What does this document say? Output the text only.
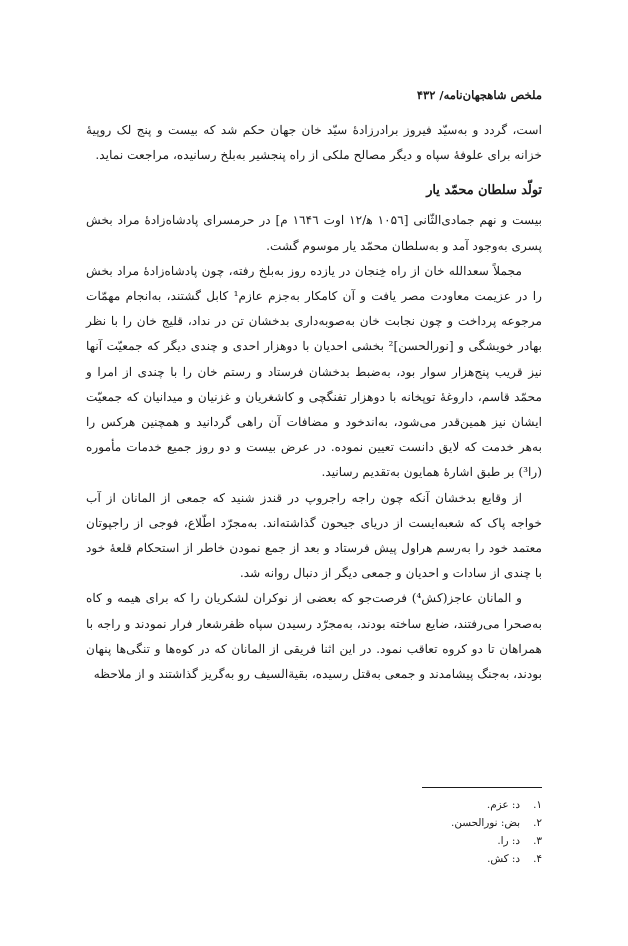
ملخص شاهجهان‌نامه/ ۴۳۲

است، گردد و به‌سیّد فیروز برادرزادهٔ سیّد خان جهان حکم شد که بیست و پنج لک روپیهٔ خزانه برای علوفهٔ سپاه و دیگر مصالح ملکی از راه پنجشیر به‌بلخ رسانیده، مراجعت نماید.

تولّد سلطان محمّد یار

بیست و نهم جمادی‌الثّانی [۱۰۵٦ ه‍/۱۲ اوت ۱٦۴٦ م] در حرمسرای پادشاه‌زادهٔ مراد بخش پسری به‌وجود آمد و به‌سلطان محمّد یار موسوم گشت.

مجملاً سعدالله خان از راه خِنجان در یازده روز به‌بلخ رفته، چون پادشاه‌زادهٔ مراد بخش را در عزیمت معاودت مصر یافت و آن کامکار به‌جزم عازم¹ کابل گشتند، به‌انجام مهمّات مرجوعه پرداخت و چون نجابت خان به‌صوبه‌داری بدخشان تن در نداد، قلیج خان را با نظر بهادر خویشگی و [نورالحسن]² بخشی احدیان با دوهزار احدی و چندی دیگر که جمعیّت آنها نیز قریب پنج‌هزار سوار بود، به‌ضبط بدخشان فرستاد و رستم خان را با چندی از امرا و محمّد قاسم، داروغهٔ توپخانه با دوهزار تفنگچی و کاشغریان و غزنیان و میدانیان که جمعیّت ایشان نیز همین‌قدر می‌شود، به‌اندخود و مضافات آن راهی گردانید و همچنین هرکس را به‌هر خدمت که لایق دانست تعیین نموده. در عرض بیست و دو روز جمیع خدمات مأموره (را³) بر طبق اشارهٔ همایون به‌تقدیم رسانید.

از وقایع بدخشان آنکه چون راجه راجروپ در قندز شنید که جمعی از المانان از آب خواجه پاک که شعبه‌ایست از دریای جیحون گذاشته‌اند. به‌مجرّد اطّلاع، فوجی از راجپوتان معتمد خود را به‌رسم هراول پیش فرستاد و بعد از جمع نمودن خاطر از استحکام قلعهٔ خود با چندی از سادات و احدیان و جمعی دیگر از دنبال روانه شد.

و المانان عاجز(کش⁴) فرصت‌جو که بعضی از نوکران لشکریان را که برای هیمه و کاه به‌صحرا می‌رفتند، ضایع ساخته بودند، به‌مجرّد رسیدن سپاه ظفرشعار فرار نمودند و راجه با همراهان تا دو کروه تعاقب نمود. در این اثنا فریقی از المانان که در کوه‌ها و تنگی‌ها پنهان بودند، به‌جنگ پیشامدند و جمعی به‌قتل رسیده، بقیةالسیف رو به‌گریز گذاشتند و از ملاحظه

۱.د: عزم.
۲.بض: نورالحسن.
۳.د: را.
۴.د: کش.
